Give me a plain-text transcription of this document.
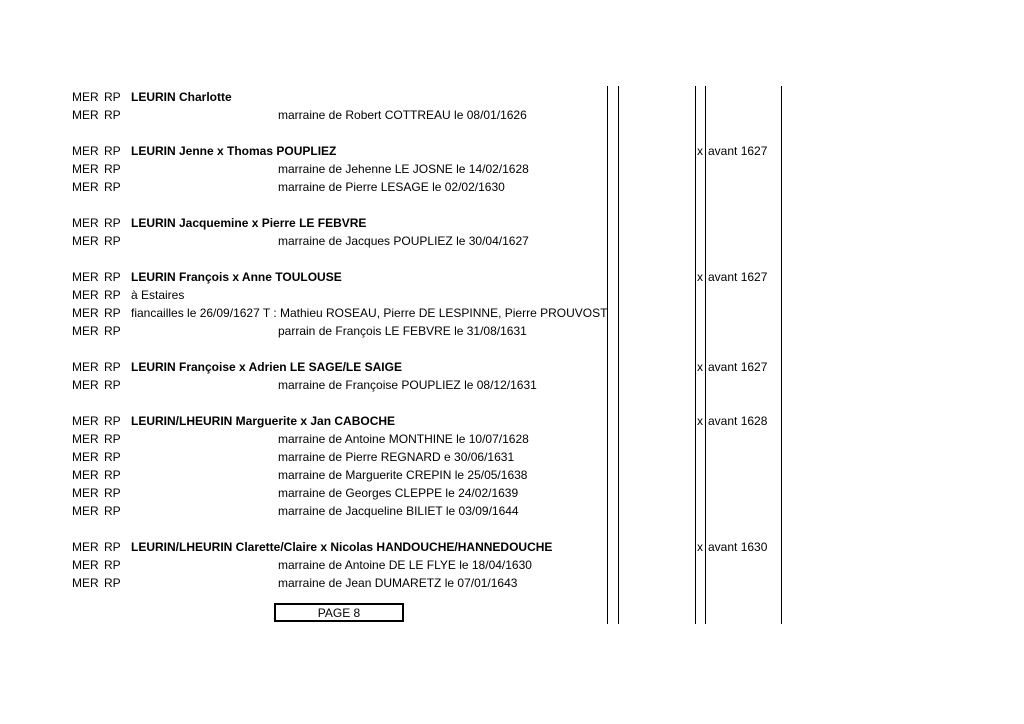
MER RP LEURIN Charlotte
MER RP	marraine de Robert COTTREAU le 08/01/1626
MER RP LEURIN Jenne x Thomas POUPLIEZ	x avant 1627
MER RP	marraine de Jehenne LE JOSNE le 14/02/1628
MER RP	marraine de Pierre LESAGE le 02/02/1630
MER RP LEURIN Jacquemine x Pierre LE FEBVRE
MER RP	marraine de Jacques POUPLIEZ le 30/04/1627
MER RP LEURIN François x Anne TOULOUSE	x avant 1627
MER RP à Estaires
MER RP fiancailles le 26/09/1627 T : Mathieu ROSEAU, Pierre DE LESPINNE, Pierre PROUVOST
MER RP	parrain de François LE FEBVRE le 31/08/1631
MER RP LEURIN Françoise x Adrien LE SAGE/LE SAIGE	x avant 1627
MER RP	marraine de Françoise POUPLIEZ le 08/12/1631
MER RP LEURIN/LHEURIN Marguerite x Jan CABOCHE	x avant 1628
MER RP	marraine de Antoine MONTHINE le 10/07/1628
MER RP	marraine de Pierre REGNARD e 30/06/1631
MER RP	marraine de Marguerite CREPIN le 25/05/1638
MER RP	marraine de Georges CLEPPE le 24/02/1639
MER RP	marraine de Jacqueline BILIET le 03/09/1644
MER RP LEURIN/LHEURIN Clarette/Claire x Nicolas HANDOUCHE/HANNEDOUCHE	x avant 1630
MER RP	marraine de Antoine DE LE FLYE le 18/04/1630
MER RP	marraine de Jean DUMARETZ le 07/01/1643
PAGE 8
